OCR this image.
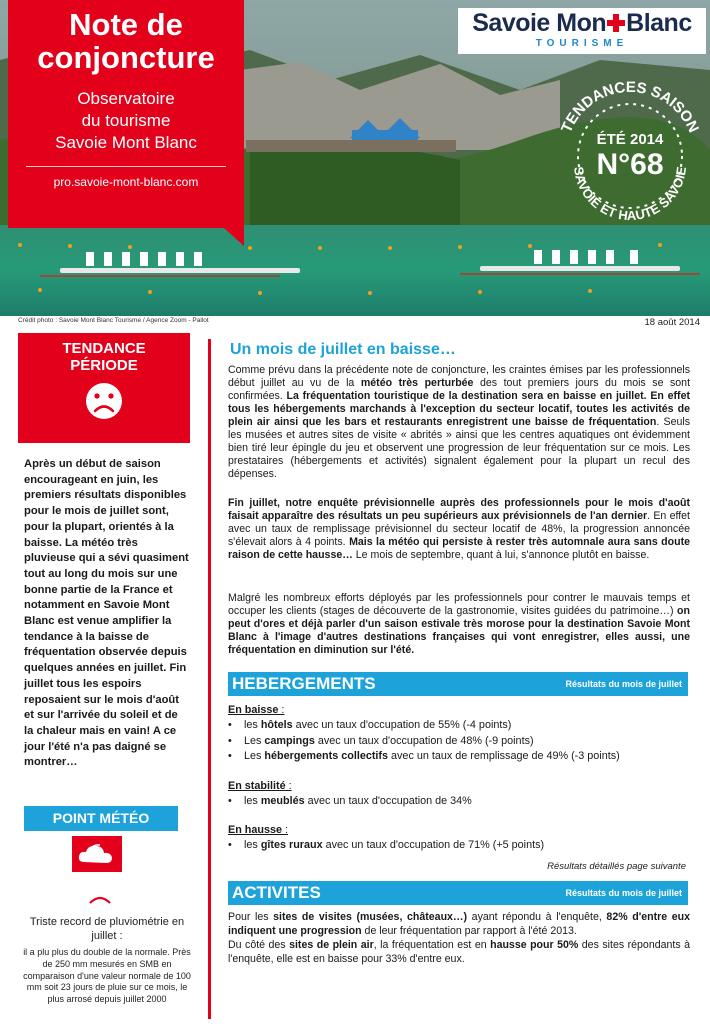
Note de
conjoncture
Observatoire
du tourisme
Savoie Mont Blanc
pro.savoie-mont-blanc.com
Savoie Mon Blanc
TOURISME
TENDANCES SAISON
SAVOIE ET HAUTE SAVOIE
ÉTÉ 2014
N°68
Crédit photo : Savoie Mont Blanc Tourisme / Agence Zoom - Pallot	18 août 2014
TENDANCE
PÉRIODE
Après un début de saison encourageant en juin, les premiers résultats disponibles pour le mois de juillet sont, pour la plupart, orientés à la baisse. La météo très pluvieuse qui a sévi quasiment tout au long du mois sur une bonne partie de la France et notamment en Savoie Mont Blanc est venue amplifier la tendance à la baisse de fréquentation observée depuis quelques années en juillet. Fin juillet tous les espoirs reposaient sur le mois d'août et sur l'arrivée du soleil et de la chaleur mais en vain! A ce jour l'été n'a pas daigné se montrer…
POINT MÉTÉO
Triste record de pluviométrie en juillet :
il a plu plus du double de la normale. Près de 250 mm mesurés en SMB en comparaison d'une valeur normale de 100 mm soit 23 jours de pluie sur ce mois, le plus arrosé depuis juillet 2000
Un mois de juillet en baisse…
Comme prévu dans la précédente note de conjoncture, les craintes émises par les professionnels début juillet au vu de la météo très perturbée des tout premiers jours du mois se sont confirmées. La fréquentation touristique de la destination sera en baisse en juillet. En effet tous les hébergements marchands à l'exception du secteur locatif, toutes les activités de plein air ainsi que les bars et restaurants enregistrent une baisse de fréquentation. Seuls les musées et autres sites de visite « abrités » ainsi que les centres aquatiques ont évidemment bien tiré leur épingle du jeu et observent une progression de leur fréquentation sur ce mois. Les prestataires (hébergements et activités) signalent également pour la plupart un recul des dépenses.
Fin juillet, notre enquête prévisionnelle auprès des professionnels pour le mois d'août faisait apparaître des résultats un peu supérieurs aux prévisionnels de l'an dernier. En effet avec un taux de remplissage prévisionnel du secteur locatif de 48%, la progression annoncée s'élevait alors à 4 points. Mais la météo qui persiste à rester très automnale aura sans doute raison de cette hausse… Le mois de septembre, quant à lui, s'annonce plutôt en baisse.
Malgré les nombreux efforts déployés par les professionnels pour contrer le mauvais temps et occuper les clients (stages de découverte de la gastronomie, visites guidées du patrimoine…) on peut d'ores et déjà parler d'un saison estivale très morose pour la destination Savoie Mont Blanc à l'image d'autres destinations françaises qui vont enregistrer, elles aussi, une fréquentation en diminution sur l'été.
HEBERGEMENTS	Résultats du mois de juillet
En baisse :
• les hôtels avec un taux d'occupation de 55% (-4 points)
• Les campings avec un taux d'occupation de 48% (-9 points)
• Les hébergements collectifs avec un taux de remplissage de 49% (-3 points)
En stabilité :
• les meublés avec un taux d'occupation de 34%
En hausse :
• les gîtes ruraux avec un taux d'occupation de 71% (+5 points)
Résultats détaillés page suivante
ACTIVITES	Résultats du mois de juillet
Pour les sites de visites (musées, châteaux…) ayant répondu à l'enquête, 82% d'entre eux indiquent une progression de leur fréquentation par rapport à l'été 2013.
Du côté des sites de plein air, la fréquentation est en hausse pour 50% des sites répondants à l'enquête, elle est en baisse pour 33% d'entre eux.
